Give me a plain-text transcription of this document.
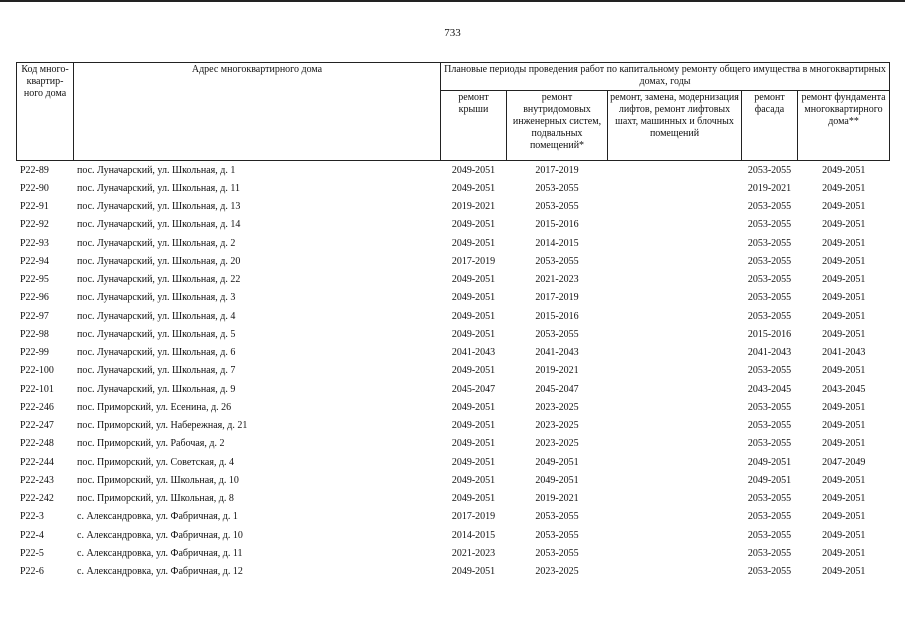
733
Код много-квартир-ного дома	Адрес многоквартирного дома	Плановые периоды проведения работ по капитальному ремонту общего имущества в многоквартирных домах, годы				
		ремонт крыши	ремонт внутридомовых инженерных систем, подвальных помещений*	ремонт, замена, модернизация лифтов, ремонт лифтовых шахт, машинных и блочных помещений	ремонт фасада	ремонт фундамента многоквартирного дома**
Р22-89	пос. Луначарский, ул. Школьная, д. 1	2049-2051	2017-2019		2053-2055	2049-2051
Р22-90	пос. Луначарский, ул. Школьная, д. 11	2049-2051	2053-2055		2019-2021	2049-2051
Р22-91	пос. Луначарский, ул. Школьная, д. 13	2019-2021	2053-2055		2053-2055	2049-2051
Р22-92	пос. Луначарский, ул. Школьная, д. 14	2049-2051	2015-2016		2053-2055	2049-2051
Р22-93	пос. Луначарский, ул. Школьная, д. 2	2049-2051	2014-2015		2053-2055	2049-2051
Р22-94	пос. Луначарский, ул. Школьная, д. 20	2017-2019	2053-2055		2053-2055	2049-2051
Р22-95	пос. Луначарский, ул. Школьная, д. 22	2049-2051	2021-2023		2053-2055	2049-2051
Р22-96	пос. Луначарский, ул. Школьная, д. 3	2049-2051	2017-2019		2053-2055	2049-2051
Р22-97	пос. Луначарский, ул. Школьная, д. 4	2049-2051	2015-2016		2053-2055	2049-2051
Р22-98	пос. Луначарский, ул. Школьная, д. 5	2049-2051	2053-2055		2015-2016	2049-2051
Р22-99	пос. Луначарский, ул. Школьная, д. 6	2041-2043	2041-2043		2041-2043	2041-2043
Р22-100	пос. Луначарский, ул. Школьная, д. 7	2049-2051	2019-2021		2053-2055	2049-2051
Р22-101	пос. Луначарский, ул. Школьная, д. 9	2045-2047	2045-2047		2043-2045	2043-2045
Р22-246	пос. Приморский, ул. Есенина, д. 26	2049-2051	2023-2025		2053-2055	2049-2051
Р22-247	пос. Приморский, ул. Набережная, д. 21	2049-2051	2023-2025		2053-2055	2049-2051
Р22-248	пос. Приморский, ул. Рабочая, д. 2	2049-2051	2023-2025		2053-2055	2049-2051
Р22-244	пос. Приморский, ул. Советская, д. 4	2049-2051	2049-2051		2049-2051	2047-2049
Р22-243	пос. Приморский, ул. Школьная, д. 10	2049-2051	2049-2051		2049-2051	2049-2051
Р22-242	пос. Приморский, ул. Школьная, д. 8	2049-2051	2019-2021		2053-2055	2049-2051
Р22-3	с. Александровка, ул. Фабричная, д. 1	2017-2019	2053-2055		2053-2055	2049-2051
Р22-4	с. Александровка, ул. Фабричная, д. 10	2014-2015	2053-2055		2053-2055	2049-2051
Р22-5	с. Александровка, ул. Фабричная, д. 11	2021-2023	2053-2055		2053-2055	2049-2051
Р22-6	с. Александровка, ул. Фабричная, д. 12	2049-2051	2023-2025		2053-2055	2049-2051
